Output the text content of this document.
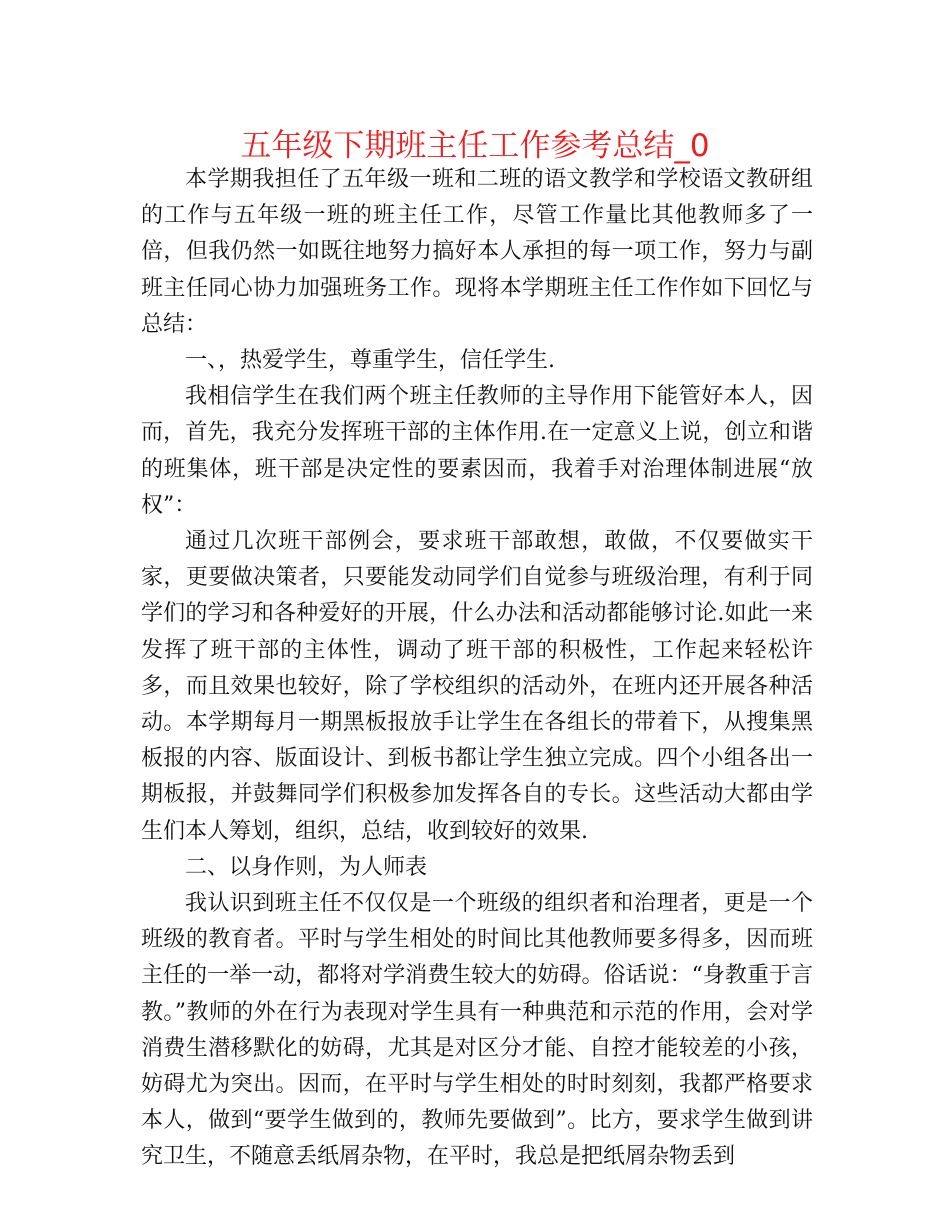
五年级下期班主任工作参考总结_0

本学期我担任了五年级一班和二班的语文教学和学校语文教研组的工作与五年级一班的班主任工作，尽管工作量比其他教师多了一倍，但我仍然一如既往地努力搞好本人承担的每一项工作，努力与副班主任同心协力加强班务工作。现将本学期班主任工作作如下回忆与总结：

一、，热爱学生，尊重学生，信任学生.

我相信学生在我们两个班主任教师的主导作用下能管好本人，因而，首先，我充分发挥班干部的主体作用.在一定意义上说，创立和谐的班集体，班干部是决定性的要素因而，我着手对治理体制进展“放权”：

通过几次班干部例会，要求班干部敢想，敢做，不仅要做实干家，更要做决策者，只要能发动同学们自觉参与班级治理，有利于同学们的学习和各种爱好的开展，什么办法和活动都能够讨论.如此一来发挥了班干部的主体性，调动了班干部的积极性，工作起来轻松许多，而且效果也较好，除了学校组织的活动外，在班内还开展各种活动。本学期每月一期黑板报放手让学生在各组长的带着下，从搜集黑板报的内容、版面设计、到板书都让学生独立完成。四个小组各出一期板报，并鼓舞同学们积极参加发挥各自的专长。这些活动大都由学生们本人筹划，组织，总结，收到较好的效果.

二、以身作则，为人师表

我认识到班主任不仅仅是一个班级的组织者和治理者，更是一个班级的教育者。平时与学生相处的时间比其他教师要多得多，因而班主任的一举一动，都将对学消费生较大的妨碍。俗话说：“身教重于言教。”教师的外在行为表现对学生具有一种典范和示范的作用，会对学消费生潜移默化的妨碍，尤其是对区分才能、自控才能较差的小孩，妨碍尤为突出。因而，在平时与学生相处的时时刻刻，我都严格要求本人，做到“要学生做到的，教师先要做到”。比方，要求学生做到讲究卫生，不随意丢纸屑杂物，在平时，我总是把纸屑杂物丢到
